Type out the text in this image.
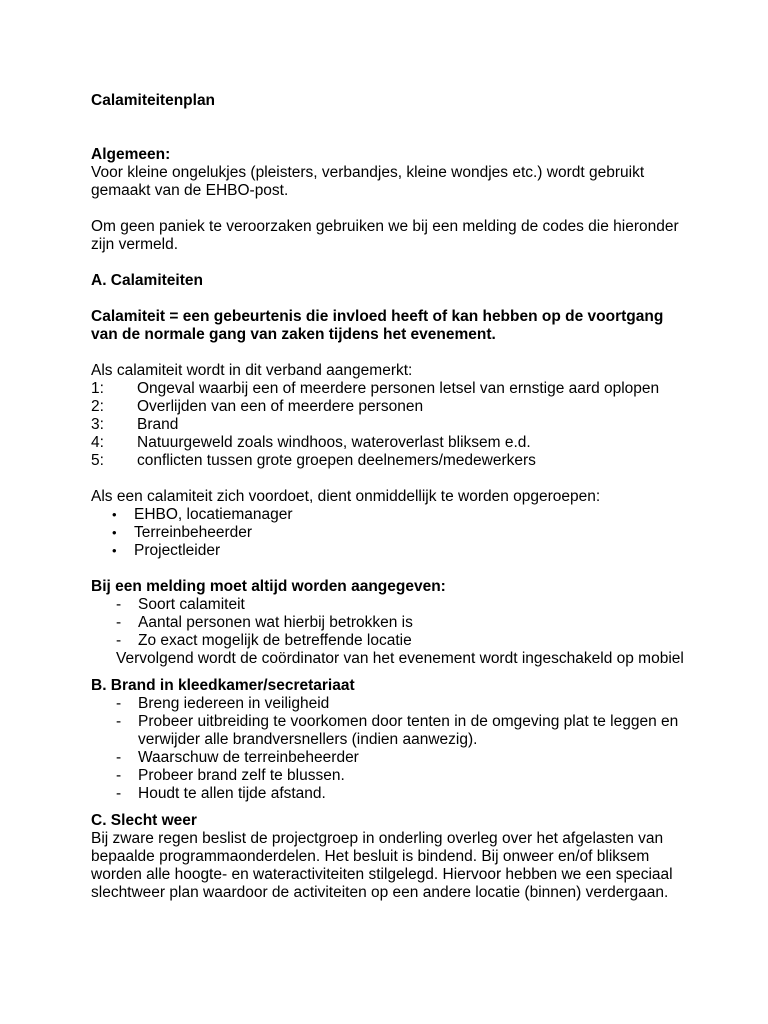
Calamiteitenplan

Algemeen:

Voor kleine ongelukjes (pleisters, verbandjes, kleine wondjes etc.) wordt gebruikt gemaakt van de EHBO-post.

Om geen paniek te veroorzaken gebruiken we bij een melding de codes die hieronder zijn vermeld.

A. Calamiteiten

Calamiteit = een gebeurtenis die invloed heeft of kan hebben op de voortgang van de normale gang van zaken tijdens het evenement.

Als calamiteit wordt in dit verband aangemerkt:

1:	Ongeval waarbij een of meerdere personen letsel van ernstige aard oplopen
2:	Overlijden van een of meerdere personen
3:	Brand
4:	Natuurgeweld zoals windhoos, wateroverlast bliksem e.d.
5:	conflicten tussen grote groepen deelnemers/medewerkers

Als een calamiteit zich voordoet, dient onmiddellijk te worden opgeroepen:

•	EHBO, locatiemanager
•	Terreinbeheerder
•	Projectleider

Bij een melding moet altijd worden aangegeven:

-	Soort calamiteit
-	Aantal personen wat hierbij betrokken is
-	Zo exact mogelijk de betreffende locatie

Vervolgend wordt de coördinator van het evenement wordt ingeschakeld op mobiel

B. Brand in kleedkamer/secretariaat

-	Breng iedereen in veiligheid
-	Probeer uitbreiding te voorkomen door tenten in de omgeving plat te leggen en verwijder alle brandversnellers (indien aanwezig).
-	Waarschuw de terreinbeheerder
-	Probeer brand zelf te blussen.
-	Houdt te allen tijde afstand.

C. Slecht weer

Bij zware regen beslist de projectgroep in onderling overleg over het afgelasten van bepaalde programmaonderdelen. Het besluit is bindend. Bij onweer en/of bliksem worden alle hoogte- en wateractiviteiten stilgelegd. Hiervoor hebben we een speciaal slechtweer plan waardoor de activiteiten op een andere locatie (binnen) verdergaan.
